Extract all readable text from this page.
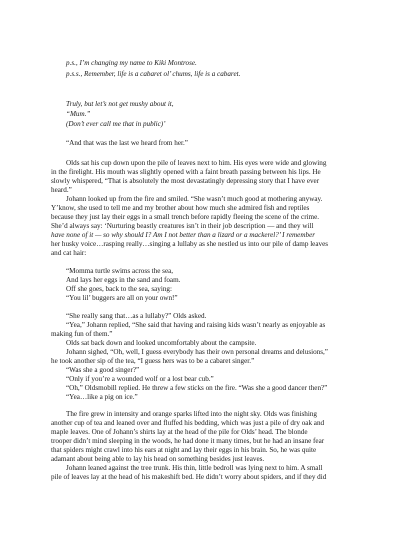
p.s., I’m changing my name to Kiki Montrose.
p.s.s., Remember, life is a cabaret ol’ chums, life is a cabaret.
Truly, but let’s not get mushy about it,
“Mum.”
(Don’t ever call me that in public)’
“And that was the last we heard from her.”
Olds sat his cup down upon the pile of leaves next to him. His eyes were wide and glowing
in the firelight. His mouth was slightly opened with a faint breath passing between his lips. He
slowly whispered, “That is absolutely the most devastatingly depressing story that I have ever
heard.”
Johann looked up from the fire and smiled. “She wasn’t much good at mothering anyway.
Y’know, she used to tell me and my brother about how much she admired fish and reptiles
because they just lay their eggs in a small trench before rapidly fleeing the scene of the crime.
She’d always say: ‘Nurturing beastly creatures isn’t in their job description — and they will
have none of it — so why should I? Am I not better than a lizard or a mackerel?’ I remember
her husky voice…rasping really…singing a lullaby as she nestled us into our pile of damp leaves
and cat hair:
“Momma turtle swims across the sea,
And lays her eggs in the sand and foam.
Off she goes, back to the sea, saying:
“You lil’ buggers are all on your own!”
“She really sang that…as a lullaby?” Olds asked.
“Yea,” Johann replied, “She said that having and raising kids wasn’t nearly as enjoyable as
making fun of them.”
Olds sat back down and looked uncomfortably about the campsite.
Johann sighed, “Oh, well, I guess everybody has their own personal dreams and delusions,”
he took another sip of the tea, “I guess hers was to be a cabaret singer.”
“Was she a good singer?”
“Only if you’re a wounded wolf or a lost bear cub.”
“Oh,” Oldsmobill replied. He threw a few sticks on the fire. “Was she a good dancer then?”
“Yea…like a pig on ice.”
The fire grew in intensity and orange sparks lifted into the night sky. Olds was finishing
another cup of tea and leaned over and fluffed his bedding, which was just a pile of dry oak and
maple leaves. One of Johann’s shirts lay at the head of the pile for Olds’ head. The blonde
trooper didn’t mind sleeping in the woods, he had done it many times, but he had an insane fear
that spiders might crawl into his ears at night and lay their eggs in his brain. So, he was quite
adamant about being able to lay his head on something besides just leaves.
Johann leaned against the tree trunk. His thin, little bedroll was lying next to him. A small
pile of leaves lay at the head of his makeshift bed. He didn’t worry about spiders, and if they did
